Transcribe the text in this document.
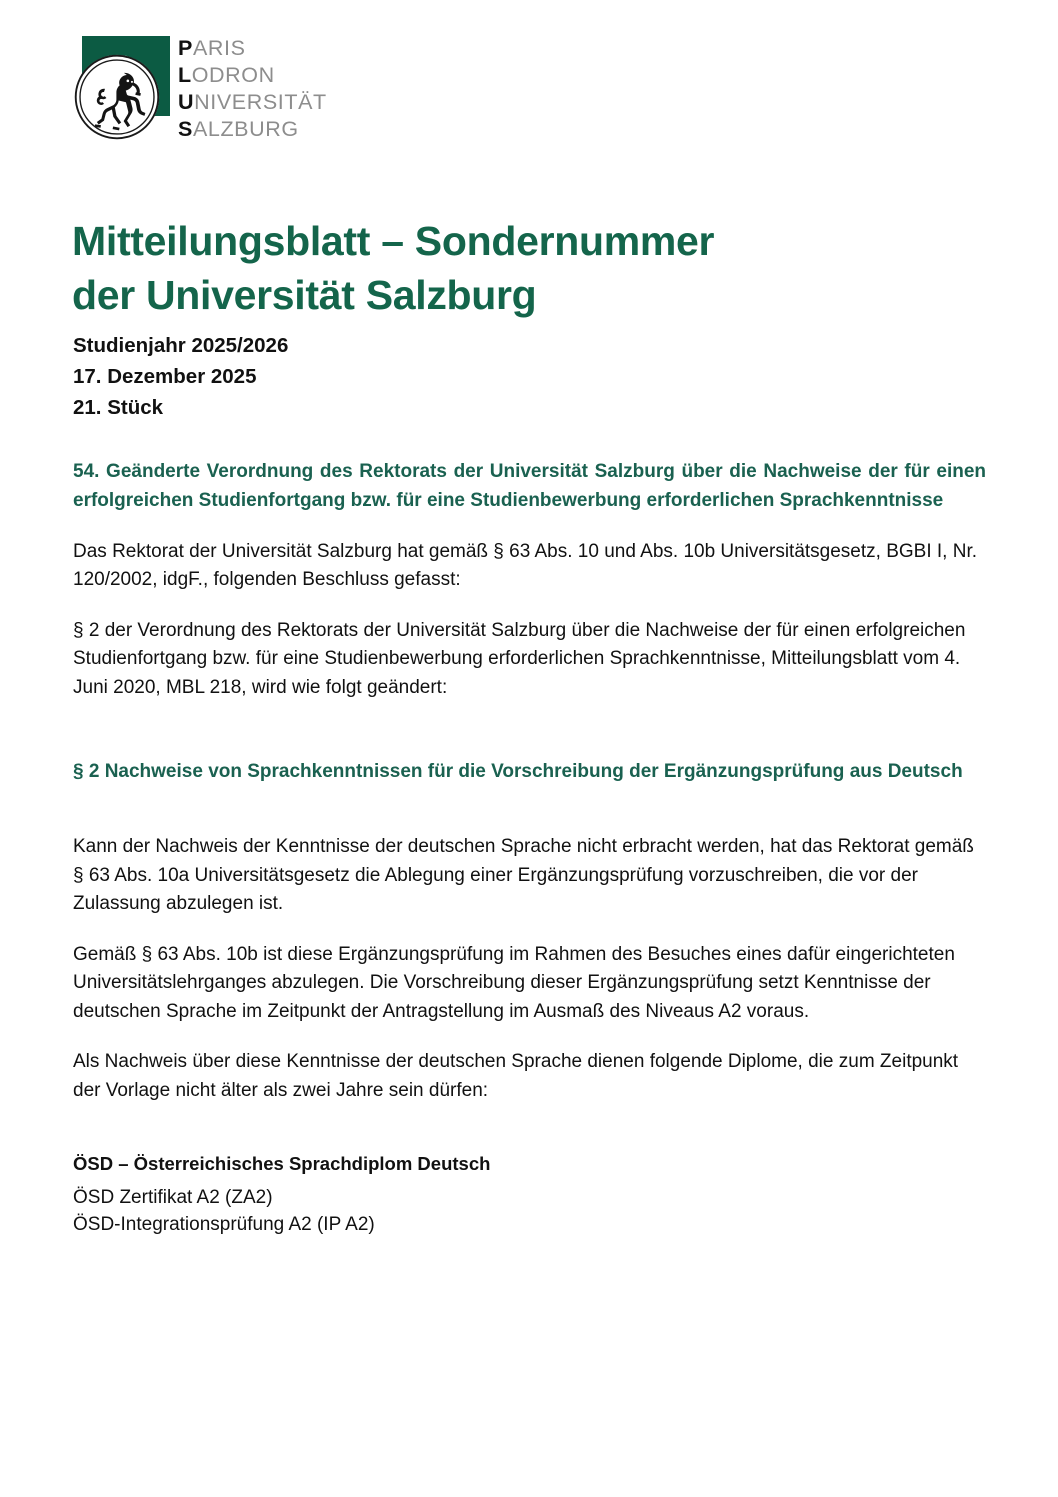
PARIS
LODRON
UNIVERSITÄT
SALZBURG
Mitteilungsblatt – Sondernummer
der Universität Salzburg
Studienjahr 2025/2026
17. Dezember 2025
21. Stück
54. Geänderte Verordnung des Rektorats der Universität Salzburg über die Nachweise der für einen erfolgreichen Studienfortgang bzw. für eine Studienbewerbung erforderlichen Sprachkenntnisse

Das Rektorat der Universität Salzburg hat gemäß § 63 Abs. 10 und Abs. 10b Universitätsgesetz, BGBI I, Nr. 120/2002, idgF., folgenden Beschluss gefasst:

§ 2 der Verordnung des Rektorats der Universität Salzburg über die Nachweise der für einen erfolgreichen Studienfortgang bzw. für eine Studienbewerbung erforderlichen Sprachkenntnisse, Mitteilungsblatt vom 4. Juni 2020, MBL 218, wird wie folgt geändert:

§ 2 Nachweise von Sprachkenntnissen für die Vorschreibung der Ergänzungsprüfung aus Deutsch

Kann der Nachweis der Kenntnisse der deutschen Sprache nicht erbracht werden, hat das Rektorat gemäß § 63 Abs. 10a Universitätsgesetz die Ablegung einer Ergänzungsprüfung vorzuschreiben, die vor der Zulassung abzulegen ist.

Gemäß § 63 Abs. 10b ist diese Ergänzungsprüfung im Rahmen des Besuches eines dafür eingerichteten Universitätslehrganges abzulegen. Die Vorschreibung dieser Ergänzungsprüfung setzt Kenntnisse der deutschen Sprache im Zeitpunkt der Antragstellung im Ausmaß des Niveaus A2 voraus.

Als Nachweis über diese Kenntnisse der deutschen Sprache dienen folgende Diplome, die zum Zeitpunkt der Vorlage nicht älter als zwei Jahre sein dürfen:

ÖSD – Österreichisches Sprachdiplom Deutsch
ÖSD Zertifikat A2 (ZA2)
ÖSD-Integrationsprüfung A2 (IP A2)
